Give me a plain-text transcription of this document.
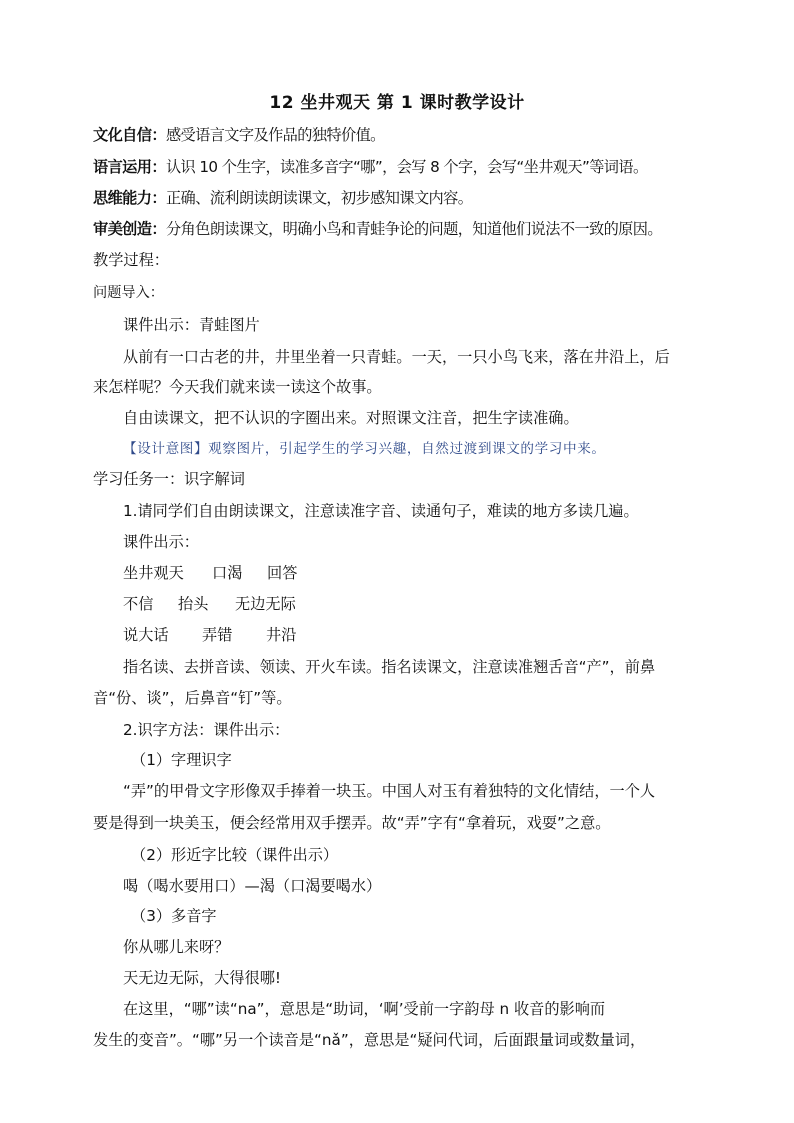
12 坐井观天 第 1 课时教学设计
文化自信：感受语言文字及作品的独特价值。
语言运用：认识 10 个生字，读准多音字“哪”，会写 8 个字，会写“坐井观天”等词语。
思维能力：正确、流利朗读朗读课文，初步感知课文内容。
审美创造：分角色朗读课文，明确小鸟和青蛙争论的问题，知道他们说法不一致的原因。
教学过程：
问题导入：
课件出示：青蛙图片
从前有一口古老的井，井里坐着一只青蛙。一天，一只小鸟飞来，落在井沿上，后
来怎样呢？今天我们就来读一读这个故事。
自由读课文，把不认识的字圈出来。对照课文注音，把生字读准确。
【设计意图】观察图片，引起学生的学习兴趣，自然过渡到课文的学习中来。
学习任务一：识字解词
1.请同学们自由朗读课文，注意读准字音、读通句子，难读的地方多读几遍。
课件出示：
坐井观天 口渴 回答
不信 抬头 无边无际
说大话 弄错 井沿
指名读、去拼音读、领读、开火车读。指名读课文，注意读准翘舌音“产”，前鼻
音“份、谈”，后鼻音“钉”等。
2.识字方法：课件出示：
（1）字理识字
“弄”的甲骨文字形像双手捧着一块玉。中国人对玉有着独特的文化情结，一个人
要是得到一块美玉，便会经常用双手摆弄。故“弄”字有“拿着玩，戏耍”之意。
（2）形近字比较（课件出示）
喝（喝水要用口）—渴（口渴要喝水）
（3）多音字
你从哪儿来呀？
天无边无际，大得很哪!
在这里，“哪”读“na”，意思是“助词，‘啊’受前一字韵母 n 收音的影响而
发生的变音”。“哪”另一个读音是“nǎ”，意思是“疑问代词，后面跟量词或数量词，
